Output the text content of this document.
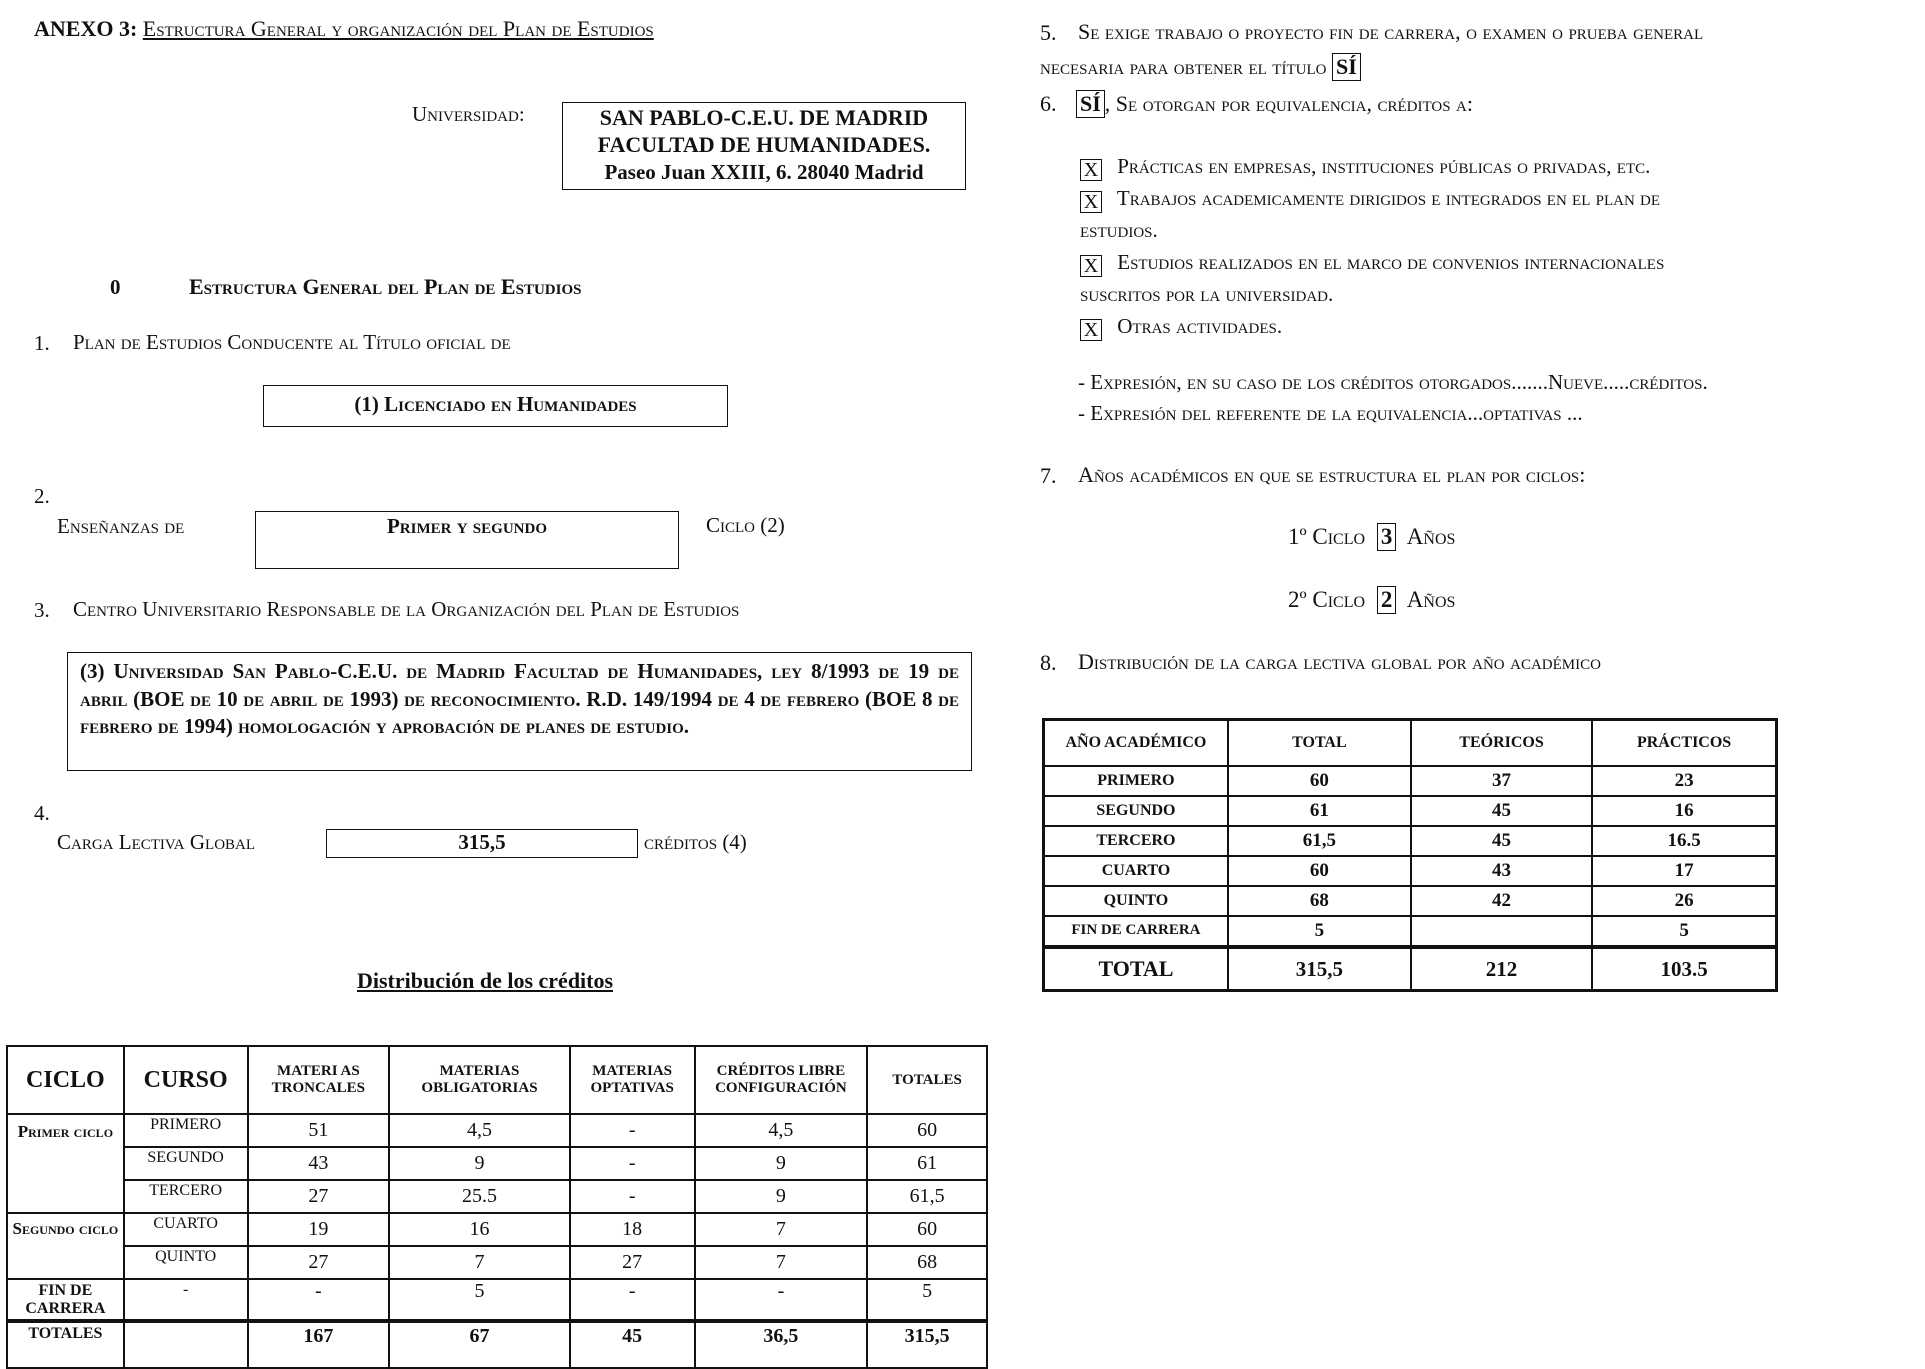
ANEXO 3: Estructura General y organización del Plan de Estudios
Universidad:	SAN PABLO-C.E.U. DE MADRID
FACULTAD DE HUMANIDADES.
Paseo Juan XXIII, 6. 28040 Madrid
0	Estructura General del Plan de Estudios
1. Plan de Estudios Conducente al Título oficial de
(1) Licenciado en Humanidades
2.
Enseñanzas de	Primer y segundo	Ciclo (2)
3. Centro Universitario Responsable de la Organización del Plan de Estudios
(3) Universidad San Pablo-C.E.U. de Madrid Facultad de Humanidades, ley 8/1993 de 19 de abril (BOE de 10 de abril de 1993) de reconocimiento. R.D. 149/1994 de 4 de febrero (BOE 8 de febrero de 1994) homologación y aprobación de planes de estudio.
4.
Carga Lectiva Global	315,5	créditos (4)
Distribución de los créditos
CICLO	CURSO	MATERI AS TRONCALES	MATERIAS OBLIGATORIAS	MATERIAS OPTATIVAS	CRÉDITOS LIBRE CONFIGURACIÓN	TOTALES
Primer ciclo	PRIMERO	51	4,5	-	4,5	60
	SEGUNDO	43	9	-	9	61
	TERCERO	27	25.5	-	9	61,5
Segundo ciclo	CUARTO	19	16	18	7	60
	QUINTO	27	7	27	7	68
FIN DE CARRERA	-	-	5	-	-	5
TOTALES		167	67	45	36,5	315,5
5. Se exige trabajo o proyecto fin de carrera, o examen o prueba general
necesaria para obtener el título SÍ
6. SÍ , Se otorgan por equivalencia, créditos a:
X Prácticas en empresas, instituciones públicas o privadas, etc.
X Trabajos academicamente dirigidos e integrados en el plan de
estudios.
X Estudios realizados en el marco de convenios internacionales
suscritos por la universidad.
X Otras actividades.
- Expresión, en su caso de los créditos otorgados.......Nueve.....créditos.
- Expresión del referente de la equivalencia...optativas ...
7. Años académicos en que se estructura el plan por ciclos:
1º Ciclo 3 Años
2º Ciclo 2 Años
8. Distribución de la carga lectiva global por año académico
AÑO ACADÉMICO	TOTAL	TEÓRICOS	PRÁCTICOS
PRIMERO	60	37	23
SEGUNDO	61	45	16
TERCERO	61,5	45	16.5
CUARTO	60	43	17
QUINTO	68	42	26
FIN DE CARRERA	5		5
TOTAL	315,5	212	103.5
